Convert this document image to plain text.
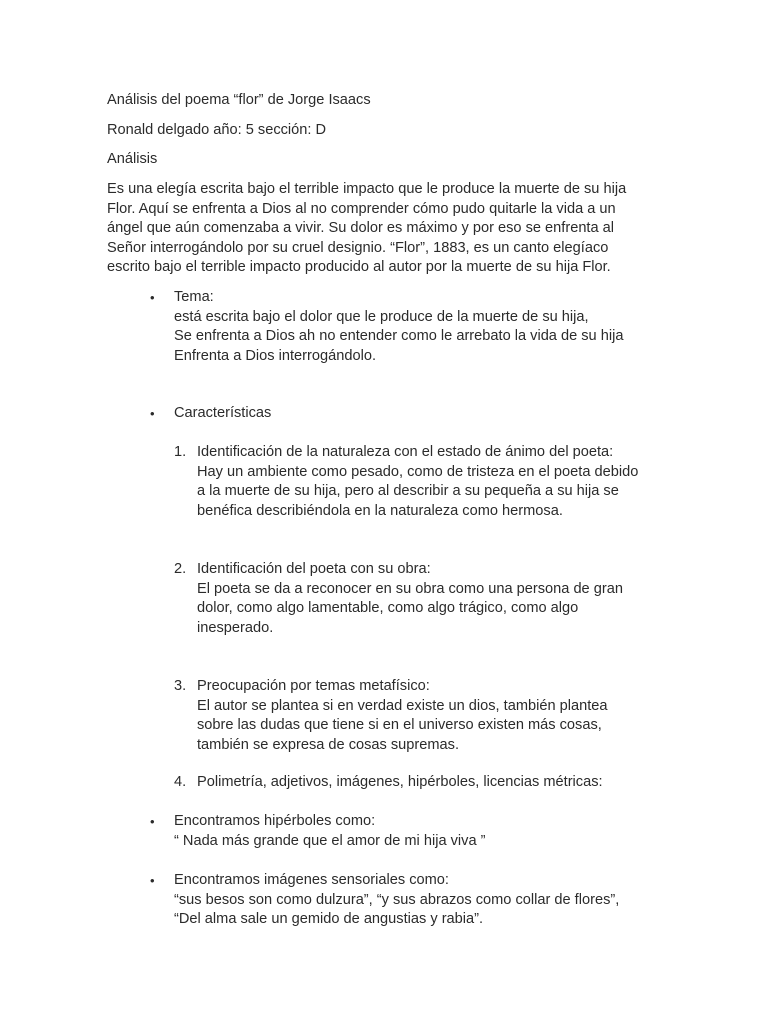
Análisis del poema “flor” de Jorge Isaacs
Ronald delgado año: 5 sección: D
Análisis
Es una elegía escrita bajo el terrible impacto que le produce la muerte de su hija
Flor. Aquí se enfrenta a Dios al no comprender cómo pudo quitarle la vida a un
ángel que aún comenzaba a vivir. Su dolor es máximo y por eso se enfrenta al
Señor interrogándolo por su cruel designio. “Flor”, 1883, es un canto elegíaco
escrito bajo el terrible impacto producido al autor por la muerte de su hija Flor.
•	Tema:
está escrita bajo el dolor que le produce de la muerte de su hija,
Se enfrenta a Dios ah no entender como le arrebato la vida de su hija
Enfrenta a Dios interrogándolo.
•	Características
1. Identificación de la naturaleza con el estado de ánimo del poeta:
Hay un ambiente como pesado, como de tristeza en el poeta debido
a la muerte de su hija, pero al describir a su pequeña a su hija se
benéfica describiéndola en la naturaleza como hermosa.
2. Identificación del poeta con su obra:
El poeta se da a reconocer en su obra como una persona de gran
dolor, como algo lamentable, como algo trágico, como algo
inesperado.
3. Preocupación por temas metafísico:
El autor se plantea si en verdad existe un dios, también plantea
sobre las dudas que tiene si en el universo existen más cosas,
también se expresa de cosas supremas.
4. Polimetría, adjetivos, imágenes, hipérboles, licencias métricas:
•	Encontramos hipérboles como:
“ Nada más grande que el amor de mi hija viva ”
•	Encontramos imágenes sensoriales como:
“sus besos son como dulzura”, “y sus abrazos como collar de flores”,
“Del alma sale un gemido de angustias y rabia”.
